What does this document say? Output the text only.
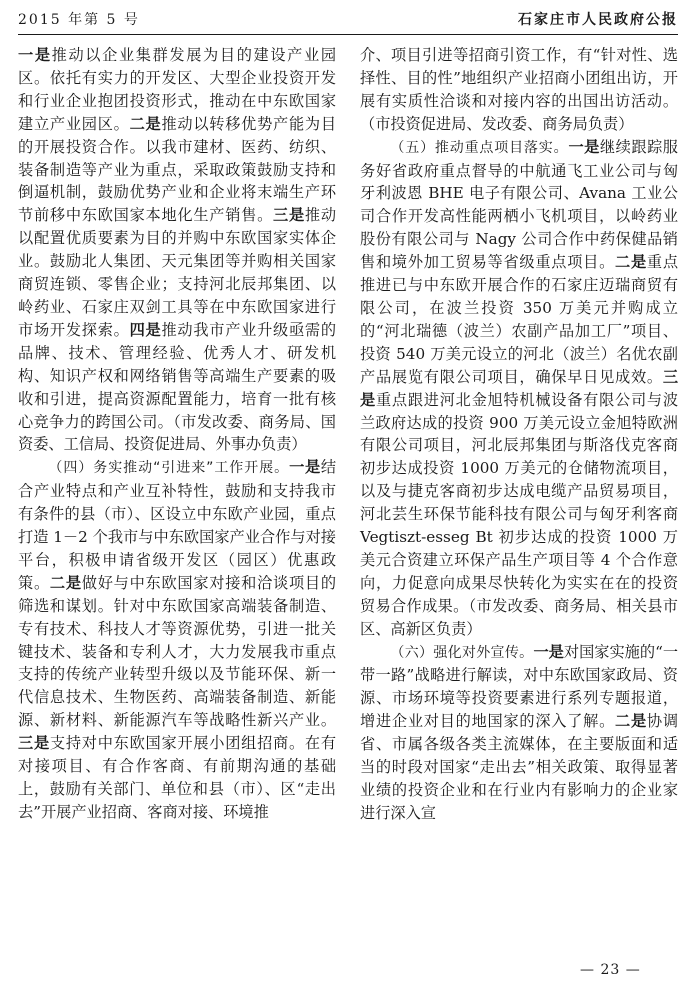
2015 年第 5 号	石家庄市人民政府公报

一是推动以企业集群发展为目的建设产业园区。依托有实力的开发区、大型企业投资开发和行业企业抱团投资形式，推动在中东欧国家建立产业园区。二是推动以转移优势产能为目的开展投资合作。以我市建材、医药、纺织、装备制造等产业为重点，采取政策鼓励支持和倒逼机制，鼓励优势产业和企业将末端生产环节前移中东欧国家本地化生产销售。三是推动以配置优质要素为目的并购中东欧国家实体企业。鼓励北人集团、天元集团等并购相关国家商贸连锁、零售企业；支持河北辰邦集团、以岭药业、石家庄双剑工具等在中东欧国家进行市场开发探索。四是推动我市产业升级亟需的品牌、技术、管理经验、优秀人才、研发机构、知识产权和网络销售等高端生产要素的吸收和引进，提高资源配置能力，培育一批有核心竞争力的跨国公司。（市发改委、商务局、国资委、工信局、投资促进局、外事办负责）

（四）务实推动“引进来”工作开展。一是结合产业特点和产业互补特性，鼓励和支持我市有条件的县（市）、区设立中东欧产业园，重点打造 1－2 个我市与中东欧国家产业合作与对接平台，积极申请省级开发区（园区）优惠政策。二是做好与中东欧国家对接和洽谈项目的筛选和谋划。针对中东欧国家高端装备制造、专有技术、科技人才等资源优势，引进一批关键技术、装备和专利人才，大力发展我市重点支持的传统产业转型升级以及节能环保、新一代信息技术、生物医药、高端装备制造、新能源、新材料、新能源汽车等战略性新兴产业。三是支持对中东欧国家开展小团组招商。在有对接项目、有合作客商、有前期沟通的基础上，鼓励有关部门、单位和县（市）、区“走出去”开展产业招商、客商对接、环境推

介、项目引进等招商引资工作，有“针对性、选择性、目的性”地组织产业招商小团组出访，开展有实质性洽谈和对接内容的出国出访活动。（市投资促进局、发改委、商务局负责）

（五）推动重点项目落实。一是继续跟踪服务好省政府重点督导的中航通飞工业公司与匈牙利波恩 BHE 电子有限公司、Avana 工业公司合作开发高性能两栖小飞机项目，以岭药业股份有限公司与 Nagy 公司合作中药保健品销售和境外加工贸易等省级重点项目。二是重点推进已与中东欧开展合作的石家庄迈瑞商贸有限公司，在波兰投资 350 万美元并购成立的“河北瑞德（波兰）农副产品加工厂”项目、投资 540 万美元设立的河北（波兰）名优农副产品展览有限公司项目，确保早日见成效。三是重点跟进河北金旭特机械设备有限公司与波兰政府达成的投资 900 万美元设立金旭特欧洲有限公司项目，河北辰邦集团与斯洛伐克客商初步达成投资 1000 万美元的仓储物流项目，以及与捷克客商初步达成电缆产品贸易项目，河北芸生环保节能科技有限公司与匈牙利客商 Vegtiszt-esseg Bt 初步达成的投资 1000 万美元合资建立环保产品生产项目等 4 个合作意向，力促意向成果尽快转化为实实在在的投资贸易合作成果。（市发改委、商务局、相关县市区、高新区负责）

（六）强化对外宣传。一是对国家实施的“一带一路”战略进行解读，对中东欧国家政局、资源、市场环境等投资要素进行系列专题报道，增进企业对目的地国家的深入了解。二是协调省、市属各级各类主流媒体，在主要版面和适当的时段对国家“走出去”相关政策、取得显著业绩的投资企业和在行业内有影响力的企业家进行深入宣

— 23 —
